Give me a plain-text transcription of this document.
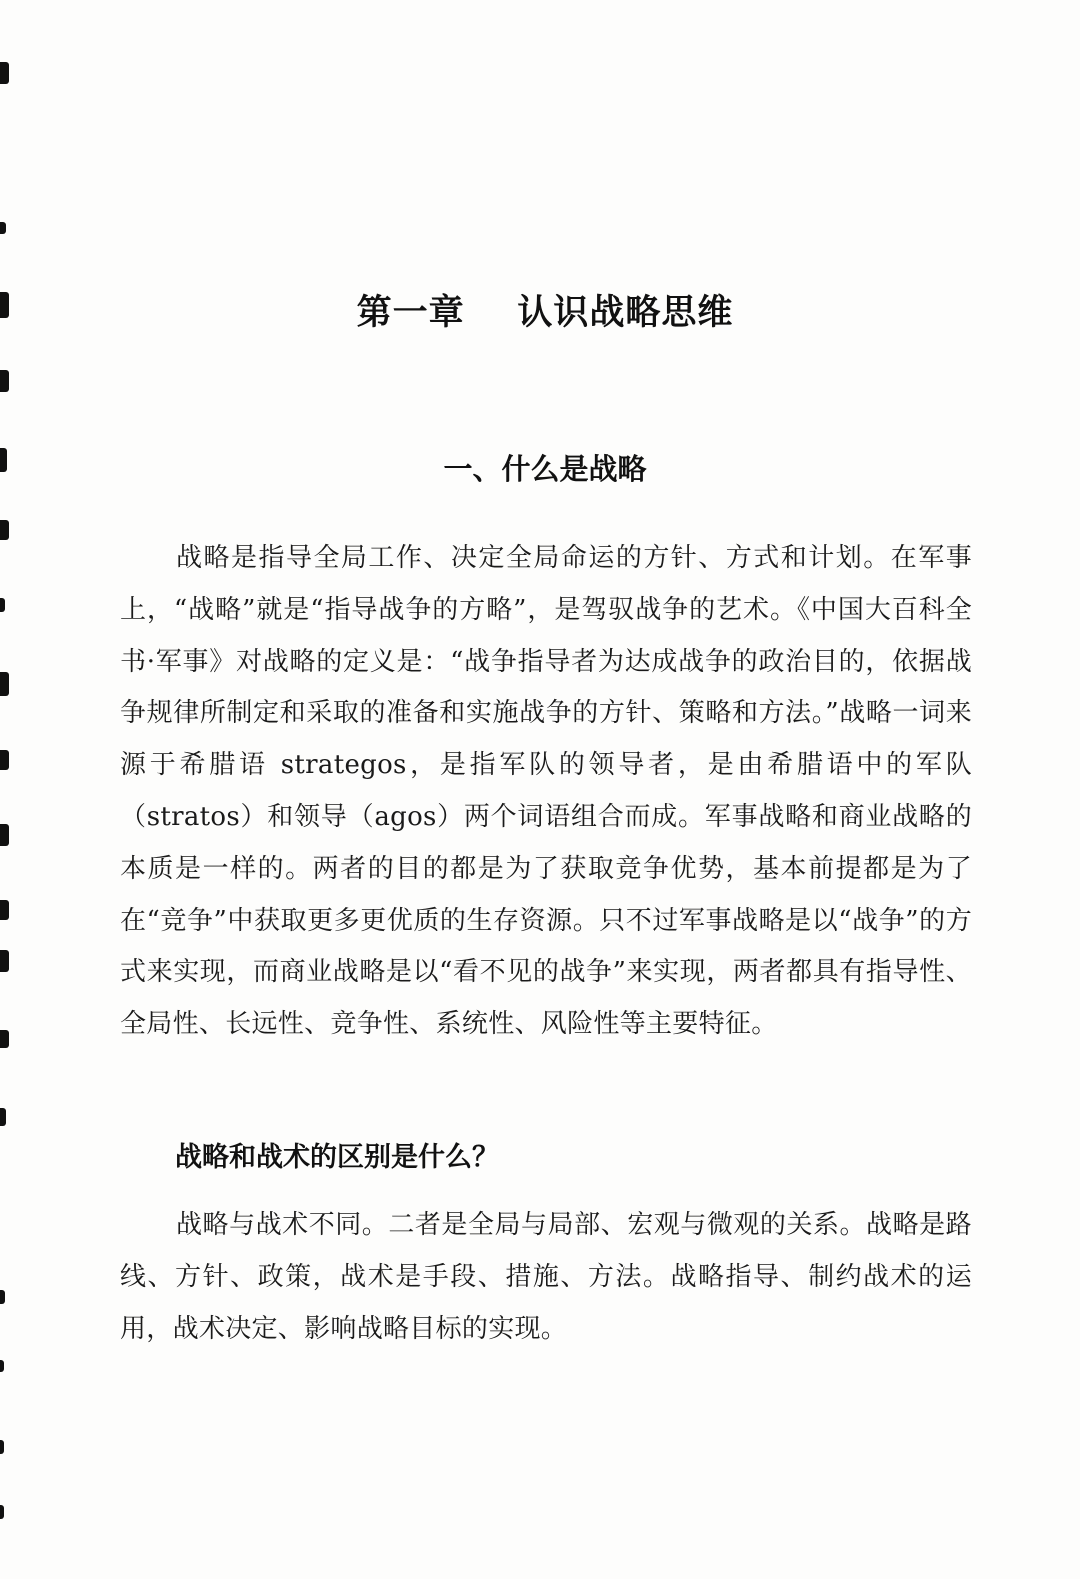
第一章    认识战略思维
一、什么是战略

战略是指导全局工作、决定全局命运的方针、方式和计划。在军事上，“战略”就是“指导战争的方略”，是驾驭战争的艺术。《中国大百科全书·军事》对战略的定义是：“战争指导者为达成战争的政治目的，依据战争规律所制定和采取的准备和实施战争的方针、策略和方法。”战略一词来源于希腊语 strategos，是指军队的领导者，是由希腊语中的军队（stratos）和领导（agos）两个词语组合而成。军事战略和商业战略的本质是一样的。两者的目的都是为了获取竞争优势，基本前提都是为了在“竞争”中获取更多更优质的生存资源。只不过军事战略是以“战争”的方式来实现，而商业战略是以“看不见的战争”来实现，两者都具有指导性、全局性、长远性、竞争性、系统性、风险性等主要特征。

战略和战术的区别是什么？

战略与战术不同。二者是全局与局部、宏观与微观的关系。战略是路线、方针、政策，战术是手段、措施、方法。战略指导、制约战术的运用，战术决定、影响战略目标的实现。
